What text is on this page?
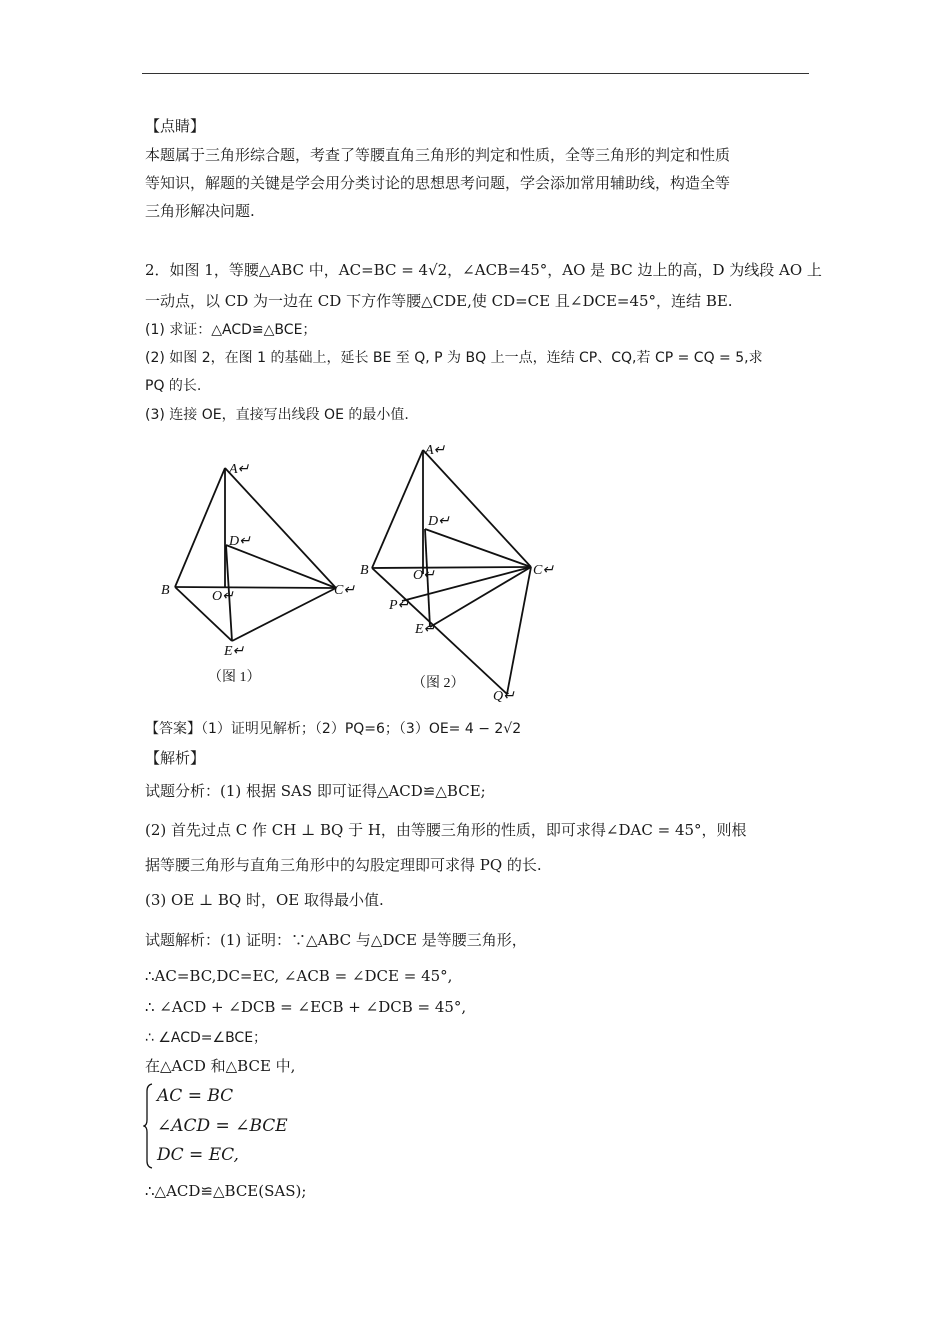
【点睛】
本题属于三角形综合题，考查了等腰直角三角形的判定和性质，全等三角形的判定和性质
等知识，解题的关键是学会用分类讨论的思想思考问题，学会添加常用辅助线，构造全等
三角形解决问题.
2．如图 1，等腰△ABC 中，AC=BC = 4√2，∠ACB=45°，AO 是 BC 边上的高，D 为线段 AO 上
一动点，以 CD 为一边在 CD 下方作等腰△CDE,使 CD=CE 且∠DCE=45°，连结 BE.
(1) 求证：△ACD≌△BCE；
(2) 如图 2，在图 1 的基础上，延长 BE 至 Q, P 为 BQ 上一点，连结 CP、CQ,若 CP = CQ = 5,求
PQ 的长.
(3) 连接 OE，直接写出线段 OE 的最小值.
A↵
D↵
B	O↵	C↵
E↵
（图 1）
A↵
D↵
B	O↵	C↵
P↵
E↵
Q↵
（图 2）
【答案】（1）证明见解析；（2）PQ=6；（3）OE= 4 − 2√2
【解析】
试题分析：(1) 根据 SAS 即可证得△ACD≌△BCE;
(2) 首先过点 C 作 CH ⊥ BQ 于 H，由等腰三角形的性质，即可求得∠DAC = 45°，则根
据等腰三角形与直角三角形中的勾股定理即可求得 PQ 的长.
(3) OE ⊥ BQ 时，OE 取得最小值.
试题解析：(1) 证明：∵△ABC 与△DCE 是等腰三角形，
∴AC=BC,DC=EC, ∠ACB = ∠DCE = 45°,
∴ ∠ACD + ∠DCB = ∠ECB + ∠DCB = 45°,
∴ ∠ACD=∠BCE；
在△ACD 和△BCE 中,
AC = BC
∠ACD = ∠BCE
DC = EC,
∴△ACD≌△BCE(SAS);
